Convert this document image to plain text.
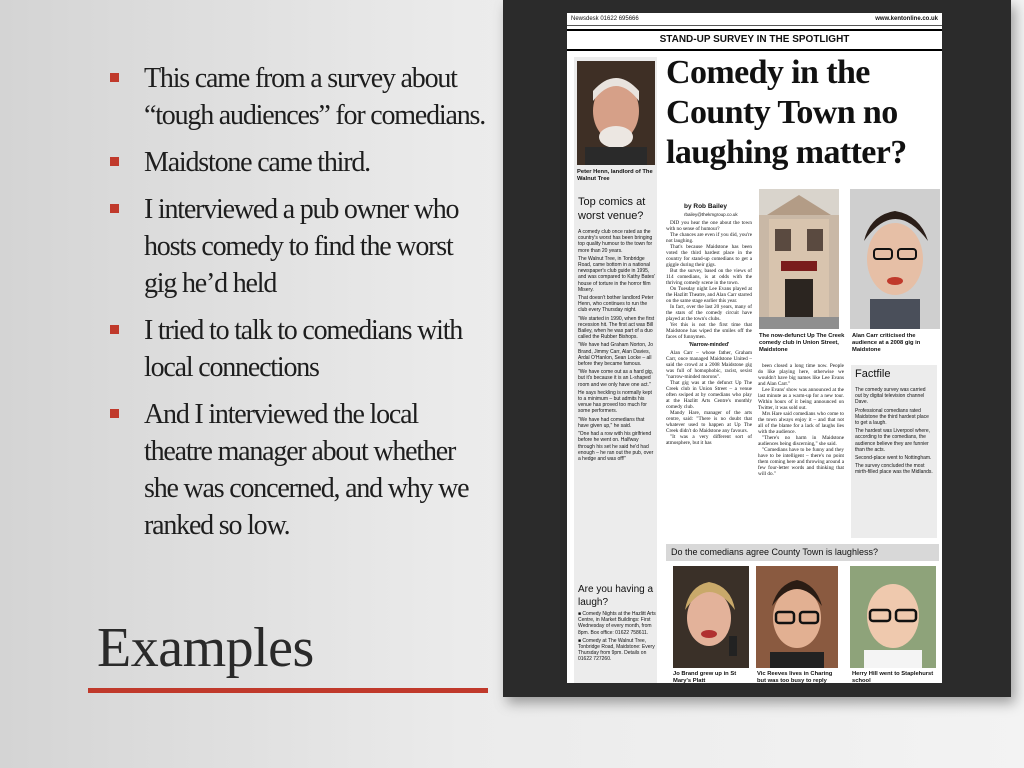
This came from a survey about “tough audiences” for comedians.
Maidstone came third.
I interviewed a pub owner who hosts comedy to find the worst gig he’d held
I tried to talk to comedians with local connections
And I interviewed the local theatre manager about whether she was concerned, and why we ranked so low.
Examples
Newsdesk 01622 695666	www.kentonline.co.uk
STAND-UP SURVEY IN THE SPOTLIGHT
Peter Henn, landlord of The Walnut Tree
Top comics at worst venue?

A comedy club once rated as the country's worst has been bringing top quality humour to the town for more than 20 years.

The Walnut Tree, in Tonbridge Road, came bottom in a national newspaper's club guide in 1995, and was compared to Kathy Bates' house of torture in the horror film Misery.

That doesn't bother landlord Peter Henn, who continues to run the club every Thursday night.

"We started in 1990, when the first recession hit. The first act was Bill Bailey, when he was part of a duo called the Rubber Bishops.

"We have had Graham Norton, Jo Brand, Jimmy Carr, Alan Davies, Ardal O'Hanlon, Sean Locke – all before they became famous.

"We have come out as a hard gig, but it's because it is an L-shaped room and we only have one act."

He says heckling is normally kept to a minimum – but admits his venue has proved too much for some performers.

"We have had comedians that have given up," he said.

"One had a row with his girlfriend before he went on. Halfway through his set he said he'd had enough – he ran out the pub, over a hedge and was off!"

Are you having a laugh?

■ Comedy Nights at the Hazlitt Arts Centre, in Market Buildings: First Wednesday of every month, from 8pm. Box office: 01622 758611.

■ Comedy at The Walnut Tree, Tonbridge Road, Maidstone: Every Thursday from 9pm. Details on 01622 727260.

Comedy in the County Town no laughing matter?
by Rob Bailey
rbailey@thekmgroup.co.uk

DID you hear the one about the town with no sense of humour?

The chances are even if you did, you're not laughing.

That's because Maidstone has been voted the third hardest place in the country for stand-up comedians to get a giggle during their gigs.

But the survey, based on the views of 114 comedians, is at odds with the thriving comedy scene in the town.

On Tuesday night Lee Evans played at the Hazlitt Theatre, and Alan Carr starred on the same stage earlier this year.

In fact, over the last 20 years, many of the stars of the comedy circuit have played at the town's clubs.

Yet this is not the first time that Maidstone has wiped the smiles off the faces of funnymen.

'Narrow-minded'

Alan Carr – whose father, Graham Carr, once managed Maidstone United – said the crowd at a 2008 Maidstone gig was full of homophobic, racist, sexist "narrow-minded morons".

That gig was at the defunct Up The Creek club in Union Street – a venue often swiped at by comedians who play at the Hazlitt Arts Centre's monthly comedy club.

Mandy Hare, manager of the arts centre, said: "There is no doubt that whatever used to happen at Up The Creek didn't do Maidstone any favours.

"It was a very different sort of atmosphere, but it has

The now-defunct Up The Creek comedy club in Union Street, Maidstone

been closed a long time now. People do like playing here, otherwise we wouldn't have big names like Lee Evans and Alan Carr."

Lee Evans' show was announced at the last minute as a warm-up for a new tour. Within hours of it being announced on Twitter, it was sold out.

Mrs Hare said comedians who come to the town always enjoy it – and that not all of the blame for a lack of laughs lies with the audience.

"There's no harm in Maidstone audiences being discerning," she said.

"Comedians have to be funny and they have to be intelligent – there's no point them coming here and throwing around a few four-letter words and thinking that will do."

Alan Carr criticised the audience at a 2008 gig in Maidstone
Factfile

The comedy survey was carried out by digital television channel Dave.

Professional comedians rated Maidstone the third hardest place to get a laugh.

The hardest was Liverpool where, according to the comedians, the audience believe they are funnier than the acts.

Second-place went to Nottingham.

The survey concluded the most mirth-filled place was the Midlands.

Do the comedians agree County Town is laughless?
Jo Brand grew up in St Mary's Platt
Vic Reeves lives in Charing but was too busy to reply
Herry Hill went to Staplehurst school
